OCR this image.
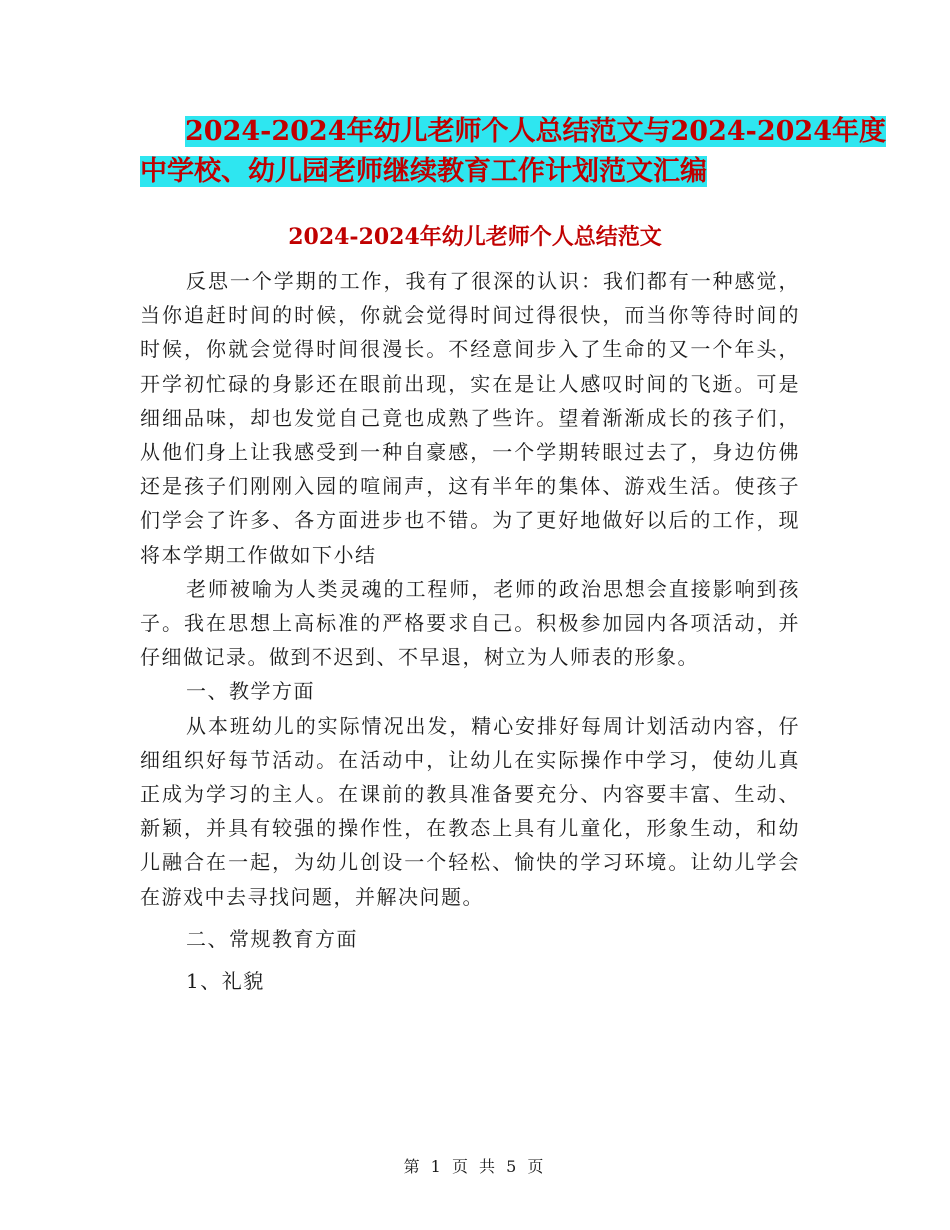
2024-2024年幼儿老师个人总结范文与2024-2024年度
中学校、幼儿园老师继续教育工作计划范文汇编
2024-2024年幼儿老师个人总结范文

反思一个学期的工作，我有了很深的认识：我们都有一种感觉，当你追赶时间的时候，你就会觉得时间过得很快，而当你等待时间的时候，你就会觉得时间很漫长。不经意间步入了生命的又一个年头，开学初忙碌的身影还在眼前出现，实在是让人感叹时间的飞逝。可是细细品味，却也发觉自己竟也成熟了些许。望着渐渐成长的孩子们，从他们身上让我感受到一种自豪感，一个学期转眼过去了，身边仿佛还是孩子们刚刚入园的喧闹声，这有半年的集体、游戏生活。使孩子们学会了许多、各方面进步也不错。为了更好地做好以后的工作，现将本学期工作做如下小结

老师被喻为人类灵魂的工程师，老师的政治思想会直接影响到孩子。我在思想上高标准的严格要求自己。积极参加园内各项活动，并仔细做记录。做到不迟到、不早退，树立为人师表的形象。

一、教学方面

从本班幼儿的实际情况出发，精心安排好每周计划活动内容，仔细组织好每节活动。在活动中，让幼儿在实际操作中学习，使幼儿真正成为学习的主人。在课前的教具准备要充分、内容要丰富、生动、新颖，并具有较强的操作性，在教态上具有儿童化，形象生动，和幼儿融合在一起，为幼儿创设一个轻松、愉快的学习环境。让幼儿学会在游戏中去寻找问题，并解决问题。

二、常规教育方面

1、礼貌

第 1 页 共 5 页
